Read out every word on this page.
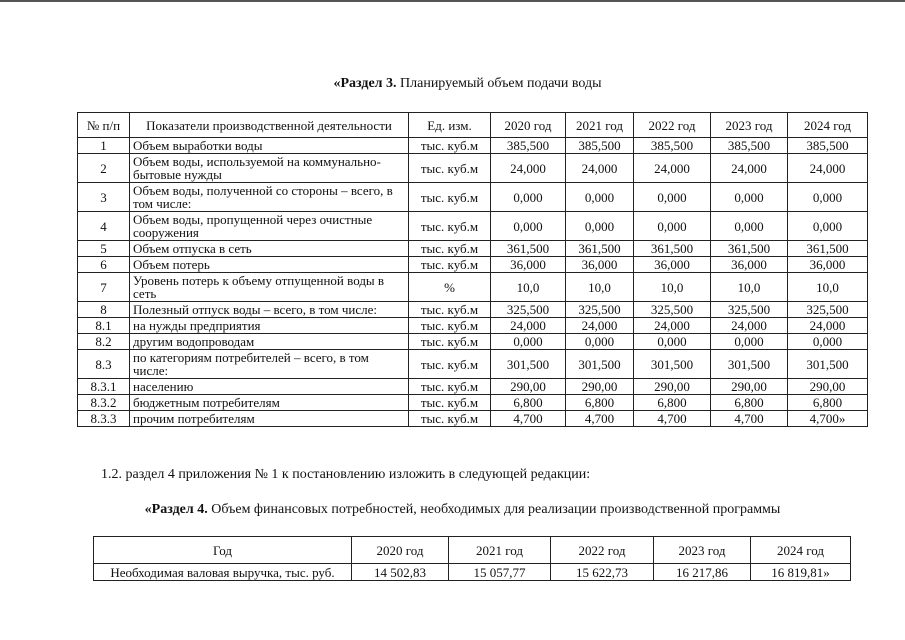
«Раздел 3. Планируемый объем подачи воды
№ п/п	Показатели производственной деятельности	Ед. изм.	2020 год	2021 год	2022 год	2023 год	2024 год
1	Объем выработки воды	тыс. куб.м	385,500	385,500	385,500	385,500	385,500
2	Объем воды, используемой на коммунально-бытовые нужды	тыс. куб.м	24,000	24,000	24,000	24,000	24,000
3	Объем воды, полученной со стороны – всего, в том числе:	тыс. куб.м	0,000	0,000	0,000	0,000	0,000
4	Объем воды, пропущенной через очистные сооружения	тыс. куб.м	0,000	0,000	0,000	0,000	0,000
5	Объем отпуска в сеть	тыс. куб.м	361,500	361,500	361,500	361,500	361,500
6	Объем потерь	тыс. куб.м	36,000	36,000	36,000	36,000	36,000
7	Уровень потерь к объему отпущенной воды в сеть	%	10,0	10,0	10,0	10,0	10,0
8	Полезный отпуск воды – всего, в том числе:	тыс. куб.м	325,500	325,500	325,500	325,500	325,500
8.1	на нужды предприятия	тыс. куб.м	24,000	24,000	24,000	24,000	24,000
8.2	другим водопроводам	тыс. куб.м	0,000	0,000	0,000	0,000	0,000
8.3	по категориям потребителей – всего, в том числе:	тыс. куб.м	301,500	301,500	301,500	301,500	301,500
8.3.1	населению	тыс. куб.м	290,00	290,00	290,00	290,00	290,00
8.3.2	бюджетным потребителям	тыс. куб.м	6,800	6,800	6,800	6,800	6,800
8.3.3	прочим потребителям	тыс. куб.м	4,700	4,700	4,700	4,700	4,700»
1.2. раздел 4 приложения № 1 к постановлению изложить в следующей редакции:
«Раздел 4. Объем финансовых потребностей, необходимых для реализации производственной программы
Год	2020 год	2021 год	2022 год	2023 год	2024 год
Необходимая валовая выручка, тыс. руб.	14 502,83	15 057,77	15 622,73	16 217,86	16 819,81»
